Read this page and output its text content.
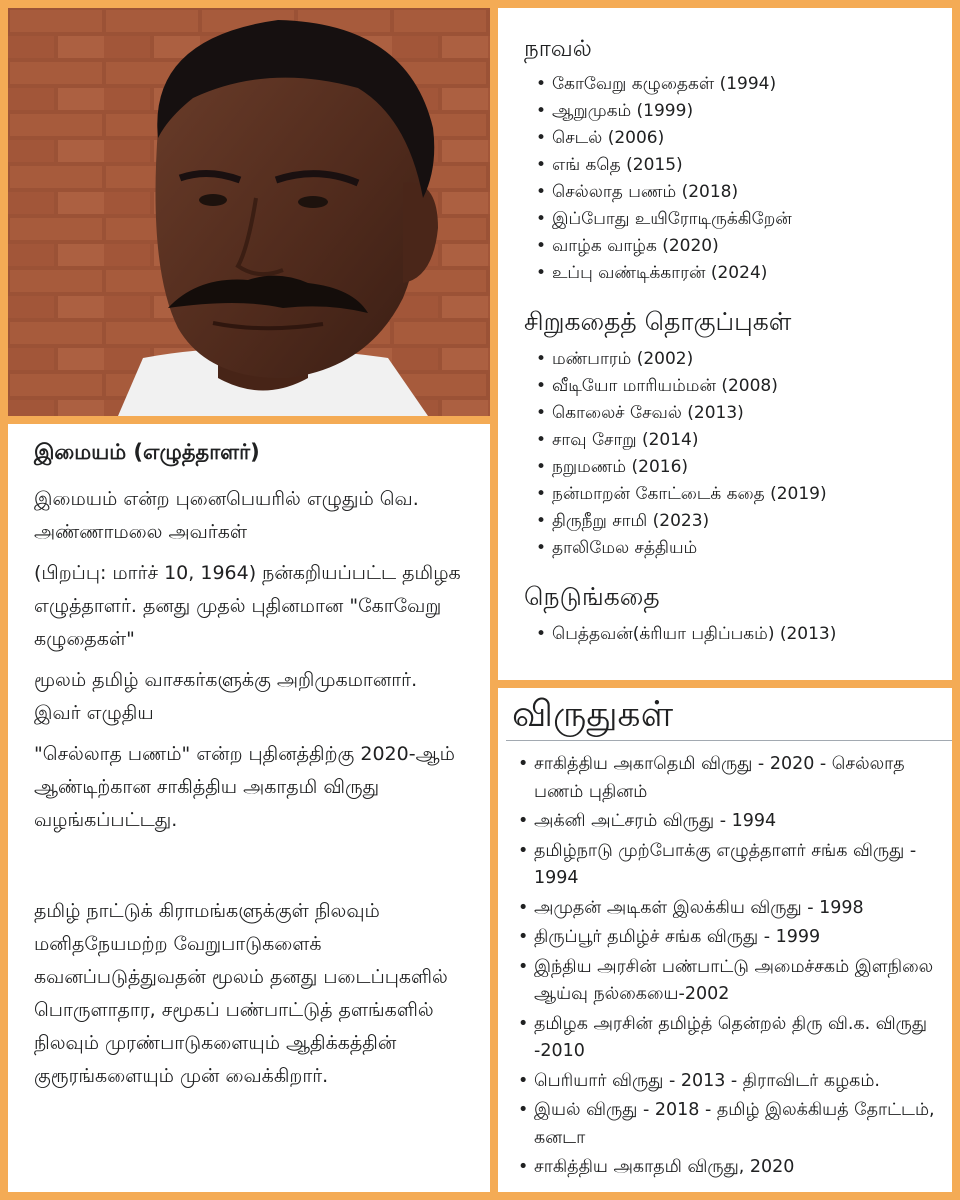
இமையம் (எழுத்தாளர்)

இமையம் என்ற புனைபெயரில் எழுதும் வெ. அண்ணாமலை அவர்கள்

(பிறப்பு: மார்ச் 10, 1964) நன்கறியப்பட்ட தமிழக எழுத்தாளர். தனது முதல் புதினமான "கோவேறு கழுதைகள்"

மூலம் தமிழ் வாசகர்களுக்கு அறிமுகமானார். இவர் எழுதிய

"செல்லாத பணம்" என்ற புதினத்திற்கு 2020-ஆம் ஆண்டிற்கான சாகித்திய அகாதமி விருது வழங்கப்பட்டது.

தமிழ் நாட்டுக் கிராமங்களுக்குள் நிலவும் மனிதநேயமற்ற வேறுபாடுகளைக் கவனப்படுத்துவதன் மூலம் தனது படைப்புகளில் பொருளாதார, சமூகப் பண்பாட்டுத் தளங்களில் நிலவும் முரண்பாடுகளையும் ஆதிக்கத்தின் குரூரங்களையும் முன் வைக்கிறார்.

நாவல்
• கோவேறு கழுதைகள் (1994)
• ஆறுமுகம் (1999)
• செடல் (2006)
• எங் கதெ (2015)
• செல்லாத பணம் (2018)
• இப்போது உயிரோடிருக்கிறேன்
• வாழ்க வாழ்க (2020)
• உப்பு வண்டிக்காரன் (2024)
சிறுகதைத் தொகுப்புகள்
• மண்பாரம் (2002)
• வீடியோ மாரியம்மன் (2008)
• கொலைச் சேவல் (2013)
• சாவு சோறு (2014)
• நறுமணம் (2016)
• நன்மாறன் கோட்டைக் கதை (2019)
• திருநீறு சாமி (2023)
• தாலிமேல சத்தியம்
நெடுங்கதை
• பெத்தவன்(க்ரியா பதிப்பகம்) (2013)
விருதுகள்
• சாகித்திய அகாதெமி விருது - 2020 - செல்லாத பணம் புதினம்
• அக்னி அட்சரம் விருது - 1994
• தமிழ்நாடு முற்போக்கு எழுத்தாளர் சங்க விருது - 1994
• அமுதன் அடிகள் இலக்கிய விருது - 1998
• திருப்பூர் தமிழ்ச் சங்க விருது - 1999
• இந்திய அரசின் பண்பாட்டு அமைச்சகம் இளநிலை ஆய்வு நல்கையை-2002
• தமிழக அரசின் தமிழ்த் தென்றல் திரு வி.க. விருது -2010
• பெரியார் விருது - 2013 - திராவிடர் கழகம்.
• இயல் விருது - 2018 - தமிழ் இலக்கியத் தோட்டம், கனடா
• சாகித்திய அகாதமி விருது, 2020
